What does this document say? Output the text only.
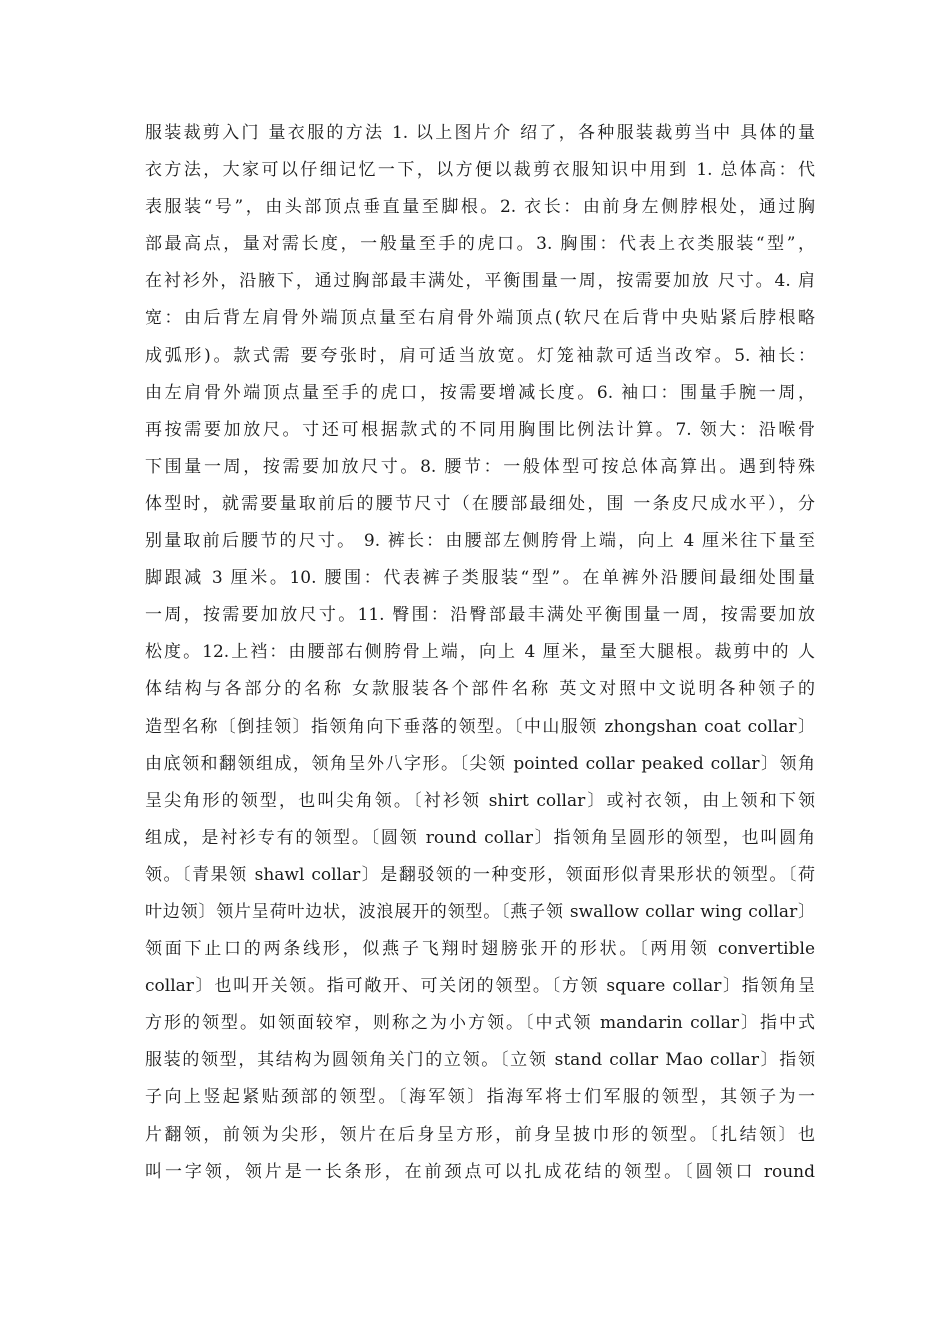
服装裁剪入门 量衣服的方法 1. 以上图片介 绍了，各种服装裁剪当中 具体的量
衣方法，大家可以仔细记忆一下，以方便以裁剪衣服知识中用到 1. 总体高：代
表服装“号”，由头部顶点垂直量至脚根。2. 衣长：由前身左侧脖根处，通过胸
部最高点，量对需长度，一般量至手的虎口。3. 胸围：代表上衣类服装“型”，
在衬衫外，沿腋下，通过胸部最丰满处，平衡围量一周，按需要加放 尺寸。4. 肩
宽：由后背左肩骨外端顶点量至右肩骨外端顶点(软尺在后背中央贴紧后脖根略
成弧形)。款式需 要夸张时，肩可适当放宽。灯笼袖款可适当改窄。5. 袖长：
由左肩骨外端顶点量至手的虎口，按需要增减长度。6. 袖口：围量手腕一周，
再按需要加放尺。寸还可根据款式的不同用胸围比例法计算。7. 领大：沿喉骨
下围量一周，按需要加放尺寸。8. 腰节：一般体型可按总体高算出。遇到特殊
体型时，就需要量取前后的腰节尺寸（在腰部最细处，围 一条皮尺成水平），分
别量取前后腰节的尺寸。 9. 裤长：由腰部左侧胯骨上端，向上 4 厘米往下量至
脚跟减 3 厘米。10. 腰围：代表裤子类服装“型”。在单裤外沿腰间最细处围量
一周，按需要加放尺寸。11. 臀围：沿臀部最丰满处平衡围量一周，按需要加放
松度。12.上裆：由腰部右侧胯骨上端，向上 4 厘米，量至大腿根。裁剪中的 人
体结构与各部分的名称 女款服装各个部件名称 英文对照中文说明各种领子的
造型名称〔倒挂领〕指领角向下垂落的领型。〔中山服领 zhongshan coat collar〕
由底领和翻领组成，领角呈外八字形。〔尖领 pointed collar peaked collar〕领角
呈尖角形的领型，也叫尖角领。〔衬衫领 shirt collar〕或衬衣领，由上领和下领
组成，是衬衫专有的领型。〔圆领 round collar〕指领角呈圆形的领型，也叫圆角
领。〔青果领 shawl collar〕是翻驳领的一种变形，领面形似青果形状的领型。〔荷
叶边领〕领片呈荷叶边状，波浪展开的领型。〔燕子领 swallow collar wing collar〕
领面下止口的两条线形，似燕子飞翔时翅膀张开的形状。〔两用领 convertible
collar〕也叫开关领。指可敞开、可关闭的领型。〔方领 square collar〕指领角呈
方形的领型。如领面较窄，则称之为小方领。〔中式领 mandarin collar〕指中式
服装的领型，其结构为圆领角关门的立领。〔立领 stand collar Mao collar〕指领
子向上竖起紧贴颈部的领型。〔海军领〕指海军将士们军服的领型，其领子为一
片翻领，前领为尖形，领片在后身呈方形，前身呈披巾形的领型。〔扎结领〕也
叫一字领，领片是一长条形，在前颈点可以扎成花结的领型。〔圆领口 round
